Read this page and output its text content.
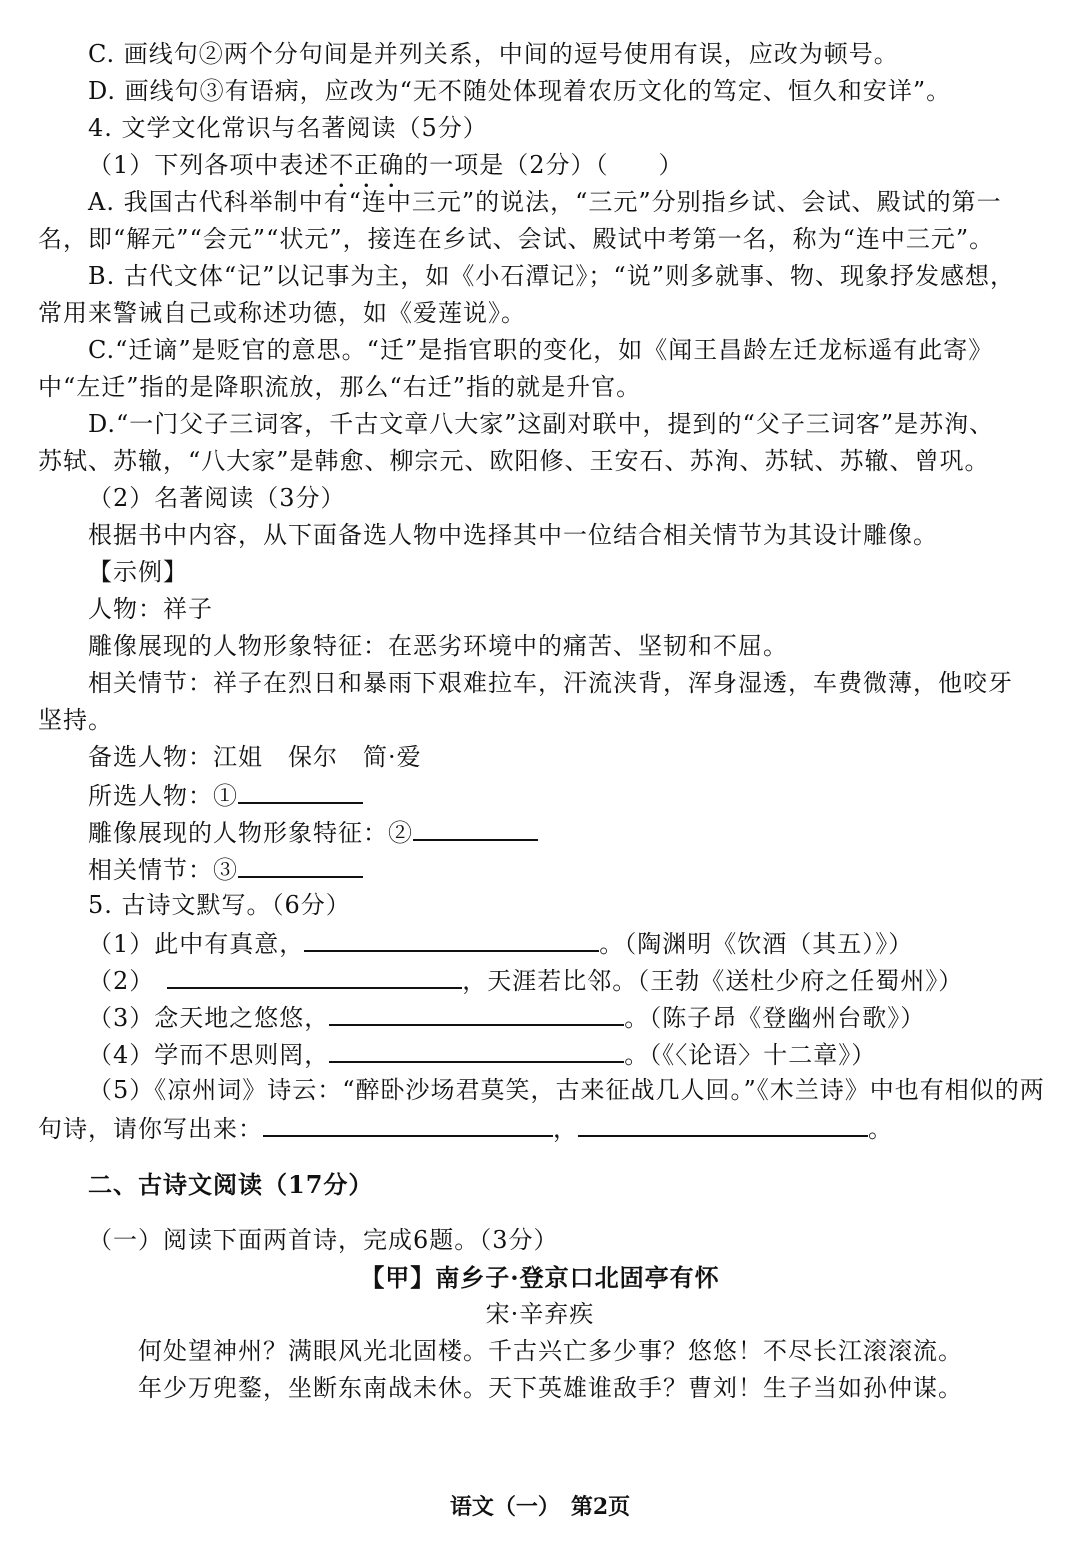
C. 画线句②两个分句间是并列关系，中间的逗号使用有误，应改为顿号。
D. 画线句③有语病，应改为“无不随处体现着农历文化的笃定、恒久和安详”。
4. 文学文化常识与名著阅读（5分）
（1）下列各项中表述不正确的一项是（2分）（　　）
A. 我国古代科举制中有“连中三元”的说法，“三元”分别指乡试、会试、殿试的第一
名，即“解元”“会元”“状元”，接连在乡试、会试、殿试中考第一名，称为“连中三元”。
B. 古代文体“记”以记事为主，如《小石潭记》；“说”则多就事、物、现象抒发感想，
常用来警诫自己或称述功德，如《爱莲说》。
C.“迁谪”是贬官的意思。“迁”是指官职的变化，如《闻王昌龄左迁龙标遥有此寄》
中“左迁”指的是降职流放，那么“右迁”指的就是升官。
D.“一门父子三词客，千古文章八大家”这副对联中，提到的“父子三词客”是苏洵、
苏轼、苏辙，“八大家”是韩愈、柳宗元、欧阳修、王安石、苏洵、苏轼、苏辙、曾巩。
（2）名著阅读（3分）
根据书中内容，从下面备选人物中选择其中一位结合相关情节为其设计雕像。
【示例】
人物：祥子
雕像展现的人物形象特征：在恶劣环境中的痛苦、坚韧和不屈。
相关情节：祥子在烈日和暴雨下艰难拉车，汗流浃背，浑身湿透，车费微薄，他咬牙
坚持。
备选人物：江姐　保尔　简·爱
所选人物：①
雕像展现的人物形象特征：②
相关情节：③
5. 古诗文默写。（6分）
（1）此中有真意，	。（陶渊明《饮酒（其五）》）
（2）　	，天涯若比邻。（王勃《送杜少府之任蜀州》）
（3）念天地之悠悠，	。（陈子昂《登幽州台歌》）
（4）学而不思则罔，	。（《〈论语〉十二章》）
（5）《凉州词》诗云：“醉卧沙场君莫笑，古来征战几人回。”《木兰诗》中也有相似的两
句诗，请你写出来：	，	。
二、古诗文阅读（17分）
（一）阅读下面两首诗，完成6题。（3分）
【甲】南乡子·登京口北固亭有怀
宋·辛弃疾
何处望神州？满眼风光北固楼。千古兴亡多少事？悠悠！不尽长江滚滚流。
年少万兜鍪，坐断东南战未休。天下英雄谁敌手？曹刘！生子当如孙仲谋。
语文（一）　第2页
